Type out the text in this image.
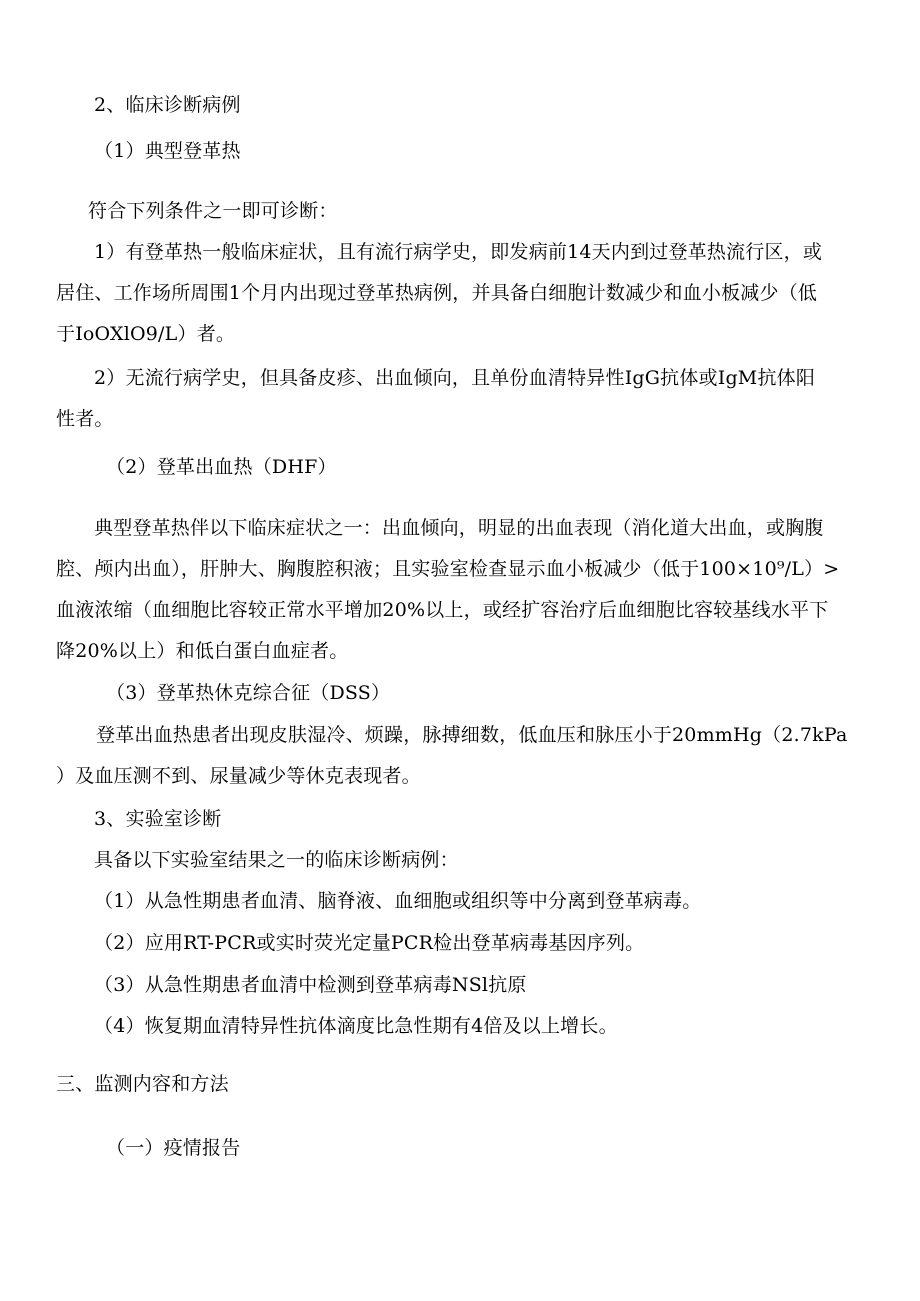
2、临床诊断病例
（1）典型登革热
符合下列条件之一即可诊断：
1）有登革热一般临床症状，且有流行病学史，即发病前14天内到过登革热流行区，或
居住、工作场所周围1个月内出现过登革热病例，并具备白细胞计数减少和血小板减少（低
于IoOXlO9/L）者。
2）无流行病学史，但具备皮疹、出血倾向，且单份血清特异性IgG抗体或IgM抗体阳
性者。
（2）登革出血热（DHF）
典型登革热伴以下临床症状之一：出血倾向，明显的出血表现（消化道大出血，或胸腹
腔、颅内出血），肝肿大、胸腹腔积液；且实验室检查显示血小板减少（低于100×10⁹/L）>
血液浓缩（血细胞比容较正常水平增加20%以上，或经扩容治疗后血细胞比容较基线水平下
降20%以上）和低白蛋白血症者。
（3）登革热休克综合征（DSS）
登革出血热患者出现皮肤湿冷、烦躁，脉搏细数，低血压和脉压小于20mmHg（2.7kPa
）及血压测不到、尿量减少等休克表现者。
3、实验室诊断
具备以下实验室结果之一的临床诊断病例：
（1）从急性期患者血清、脑脊液、血细胞或组织等中分离到登革病毒。
（2）应用RT-PCR或实时荧光定量PCR检出登革病毒基因序列。
（3）从急性期患者血清中检测到登革病毒NSl抗原
（4）恢复期血清特异性抗体滴度比急性期有4倍及以上增长。
三、监测内容和方法
（一）疫情报告
